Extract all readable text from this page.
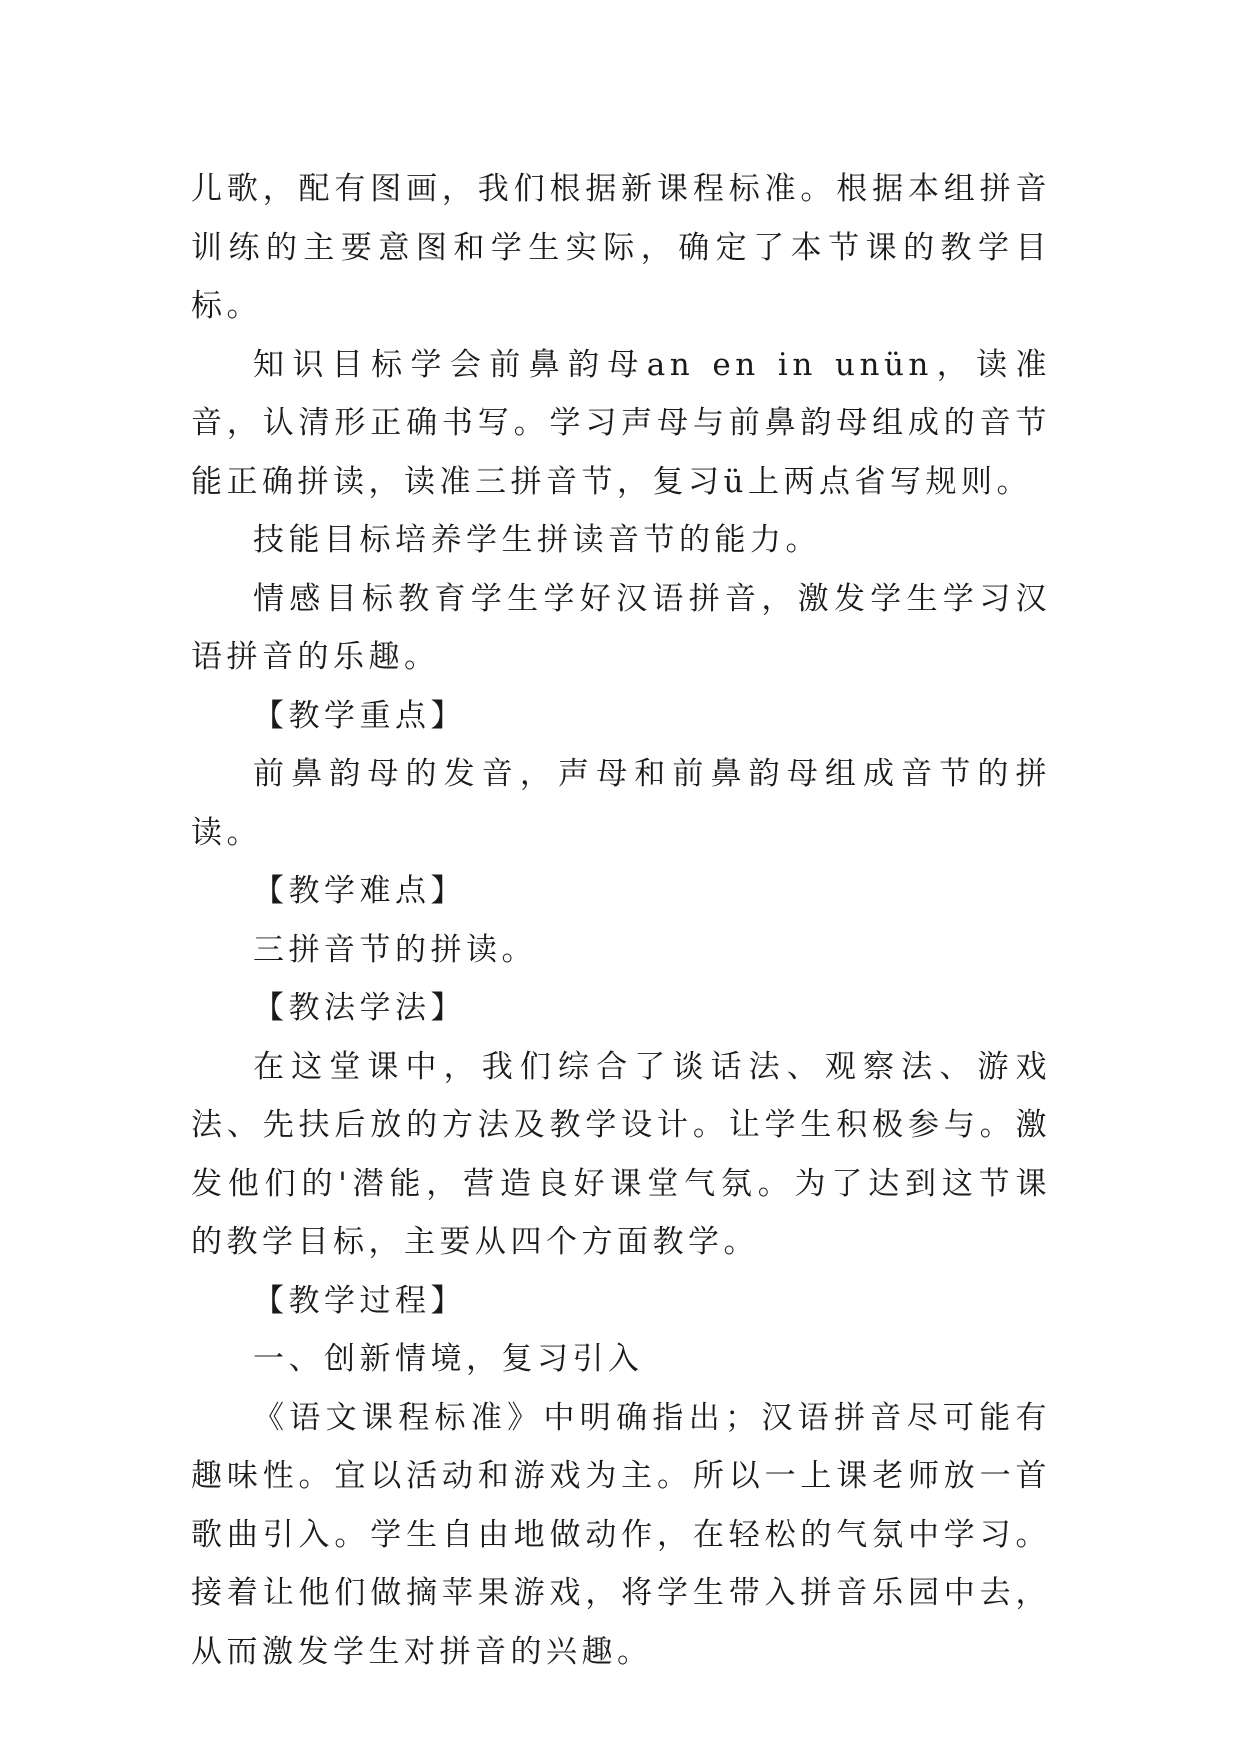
儿歌，配有图画，我们根据新课程标准。根据本组拼音训练的主要意图和学生实际，确定了本节课的教学目标。

知识目标学会前鼻韵母an en in unün，读准音，认清形正确书写。学习声母与前鼻韵母组成的音节能正确拼读，读准三拼音节，复习ü上两点省写规则。

技能目标培养学生拼读音节的能力。

情感目标教育学生学好汉语拼音，激发学生学习汉语拼音的乐趣。

【教学重点】

前鼻韵母的发音，声母和前鼻韵母组成音节的拼读。

【教学难点】

三拼音节的拼读。

【教法学法】

在这堂课中，我们综合了谈话法、观察法、游戏法、先扶后放的方法及教学设计。让学生积极参与。激发他们的'潜能，营造良好课堂气氛。为了达到这节课的教学目标，主要从四个方面教学。

【教学过程】

一、创新情境，复习引入

《语文课程标准》中明确指出；汉语拼音尽可能有趣味性。宜以活动和游戏为主。所以一上课老师放一首歌曲引入。学生自由地做动作，在轻松的气氛中学习。接着让他们做摘苹果游戏，将学生带入拼音乐园中去，从而激发学生对拼音的兴趣。
